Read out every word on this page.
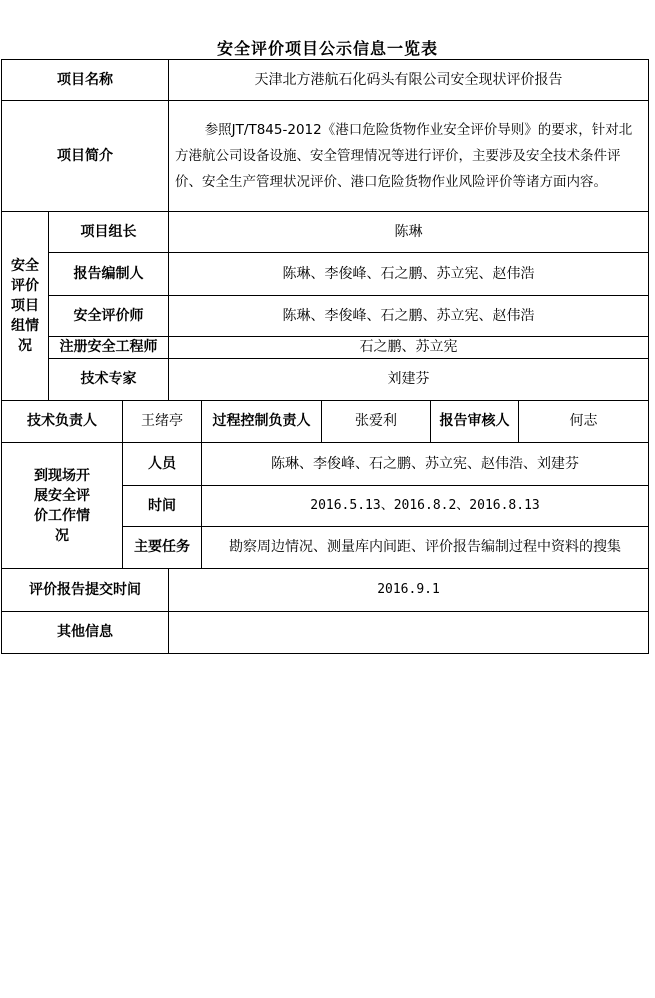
安全评价项目公示信息一览表
项目名称			天津北方港航石化码头有限公司安全现状评价报告				
项目简介			参照JT/T845-2012《港口危险货物作业安全评价导则》的要求，针对北方港航公司设备设施、安全管理情况等进行评价，主要涉及安全技术条件评价、安全生产管理状况评价、港口危险货物作业风险评价等诸方面内容。				

安全评价项目组情况	项目组长		陈琳				
	报告编制人		陈琳、李俊峰、石之鹏、苏立宪、赵伟浩				
	安全评价师		陈琳、李俊峰、石之鹏、苏立宪、赵伟浩				
	注册安全工程师		石之鹏、苏立宪				
	技术专家		刘建芬				
技术负责人		王绪亭		过程控制负责人	张爱利	报告审核人	何志

到现场开展安全评价工作情况		人员		陈琳、李俊峰、石之鹏、苏立宪、赵伟浩、刘建芬			
		时间		2016.5.13、2016.8.2、2016.8.13			
		主要任务		勘察周边情况、测量库内间距、评价报告编制过程中资料的搜集			
评价报告提交时间			2016.9.1				
其他信息							
